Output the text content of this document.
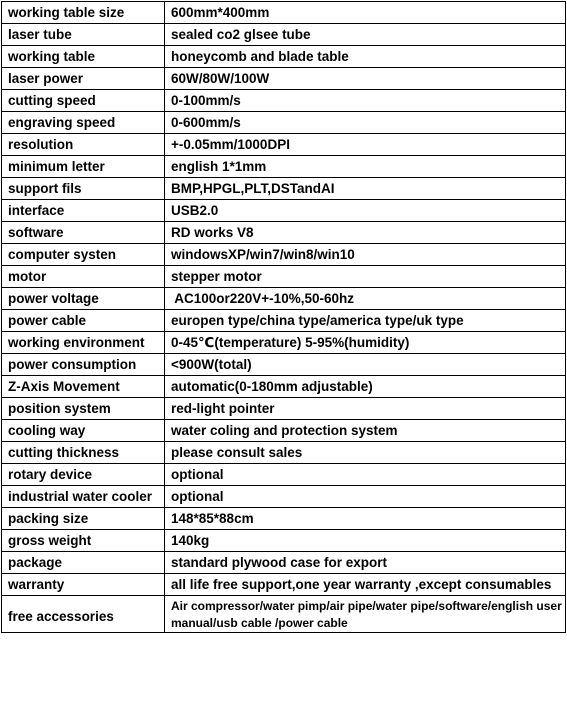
working table size	600mm*400mm
laser tube	sealed co2 glsee tube
working table	honeycomb and blade table
laser power	60W/80W/100W
cutting speed	0-100mm/s
engraving speed	0-600mm/s
resolution	+-0.05mm/1000DPI
minimum letter	english 1*1mm
support fils	BMP,HPGL,PLT,DSTandAI
interface	USB2.0
software	RD works V8
computer systen	windowsXP/win7/win8/win10
motor	stepper motor
power voltage	AC100or220V+-10%,50-60hz
power cable	europen type/china type/america type/uk type
working environment	0-45℃(temperature) 5-95%(humidity)
power consumption	<900W(total)
Z-Axis Movement	automatic(0-180mm adjustable)
position system	red-light pointer
cooling way	water coling and protection system
cutting thickness	please consult sales
rotary device	optional
industrial water cooler	optional
packing size	148*85*88cm
gross weight	140kg
package	standard plywood case for export
warranty	all life free support,one year warranty ,except consumables
free accessories	Air compressor/water pimp/air pipe/water pipe/software/english user manual/usb cable /power cable
